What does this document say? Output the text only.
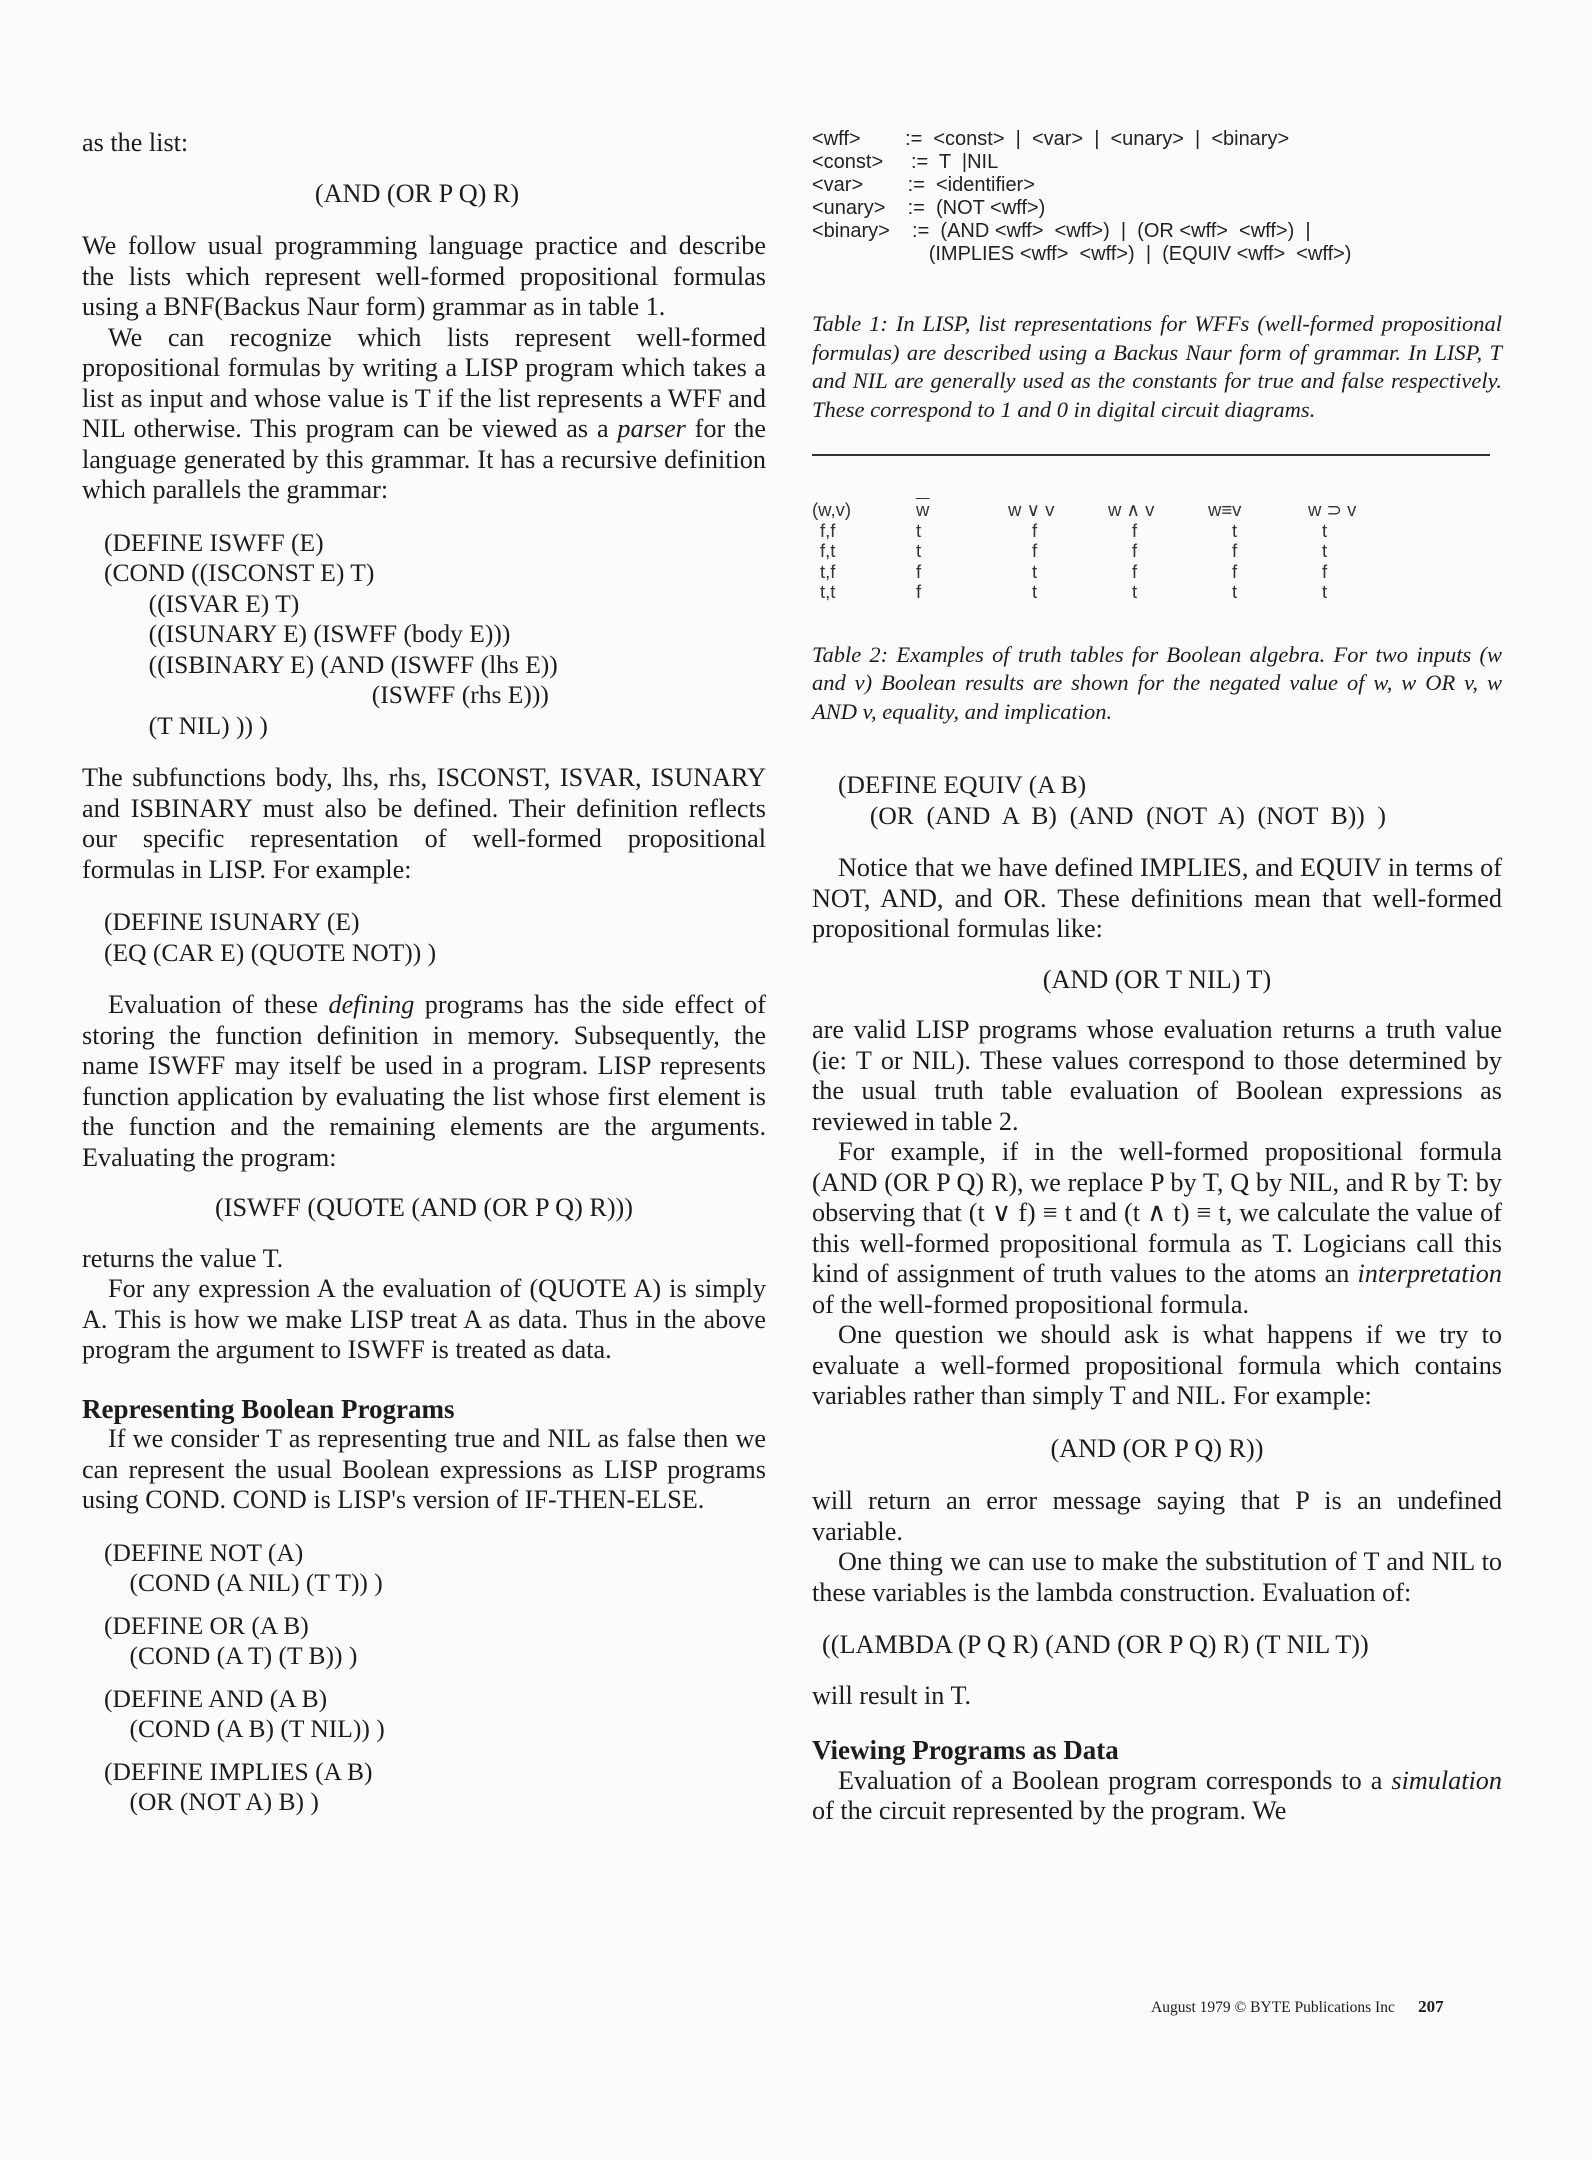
as the list:

(AND (OR P Q) R)

We follow usual programming language practice and describe the lists which represent well-formed propositional formulas using a BNF(Backus Naur form) grammar as in table 1.

We can recognize which lists represent well-formed propositional formulas by writing a LISP program which takes a list as input and whose value is T if the list represents a WFF and NIL otherwise. This program can be viewed as a parser for the language generated by this grammar. It has a recursive definition which parallels the grammar:

(DEFINE ISWFF (E)
(COND ((ISCONST E) T)
((ISVAR E) T)
((ISUNARY E) (ISWFF (body E)))
((ISBINARY E) (AND (ISWFF (lhs E))
(ISWFF (rhs E)))
(T NIL) )) )

The subfunctions body, lhs, rhs, ISCONST, ISVAR, ISUNARY and ISBINARY must also be defined. Their definition reflects our specific representation of well-formed propositional formulas in LISP. For example:

(DEFINE ISUNARY (E)
(EQ (CAR E) (QUOTE NOT)) )

Evaluation of these defining programs has the side effect of storing the function definition in memory. Subsequently, the name ISWFF may itself be used in a program. LISP represents function application by evaluating the list whose first element is the function and the remaining elements are the arguments. Evaluating the program:

(ISWFF (QUOTE (AND (OR P Q) R)))

returns the value T.

For any expression A the evaluation of (QUOTE A) is simply A. This is how we make LISP treat A as data. Thus in the above program the argument to ISWFF is treated as data.

Representing Boolean Programs

If we consider T as representing true and NIL as false then we can represent the usual Boolean expressions as LISP programs using COND. COND is LISP's version of IF-THEN-ELSE.

(DEFINE NOT (A)
(COND (A NIL) (T T)) )

(DEFINE OR (A B)
(COND (A T) (T B)) )

(DEFINE AND (A B)
(COND (A B) (T NIL)) )

(DEFINE IMPLIES (A B)
(OR (NOT A) B) )

<wff>        :=  <const>  |  <var>  |  <unary>  |  <binary>
<const>     :=  T  |NIL
<var>        :=  <identifier>
<unary>    :=  (NOT <wff>)
<binary>    :=  (AND <wff>  <wff>)  |  (OR <wff>  <wff>)  |
(IMPLIES <wff>  <wff>)  |  (EQUIV <wff>  <wff>)

Table 1: In LISP, list representations for WFFs (well-formed propositional formulas) are described using a Backus Naur form of grammar. In LISP, T and NIL are generally used as the constants for true and false respectively. These correspond to 1 and 0 in digital circuit diagrams.

(w,v)	$\overline{w}$	w ∨ v	w ∧ v	w≡v	w ⊃ v
f,f	t	f	f	t	t
f,t	t	f	f	f	t
t,f	f	t	f	f	f
t,t	f	t	t	t	t

Table 2: Examples of truth tables for Boolean algebra. For two inputs (w and v) Boolean results are shown for the negated value of w, w OR v, w AND v, equality, and implication.

(DEFINE EQUIV (A B)
(OR  (AND  A  B)  (AND  (NOT  A)  (NOT  B))  )

Notice that we have defined IMPLIES, and EQUIV in terms of NOT, AND, and OR. These definitions mean that well-formed propositional formulas like:

(AND (OR T NIL) T)

are valid LISP programs whose evaluation returns a truth value (ie: T or NIL). These values correspond to those determined by the usual truth table evaluation of Boolean expressions as reviewed in table 2.

For example, if in the well-formed propositional formula (AND (OR P Q) R), we replace P by T, Q by NIL, and R by T: by observing that (t ∨ f) ≡ t and (t ∧ t) ≡ t, we calculate the value of this well-formed propositional formula as T. Logicians call this kind of assignment of truth values to the atoms an interpretation of the well-formed propositional formula.

One question we should ask is what happens if we try to evaluate a well-formed propositional formula which contains variables rather than simply T and NIL. For example:

(AND (OR P Q) R))

will return an error message saying that P is an undefined variable.

One thing we can use to make the substitution of T and NIL to these variables is the lambda construction. Evaluation of:

((LAMBDA (P Q R) (AND (OR P Q) R) (T NIL T))

will result in T.

Viewing Programs as Data

Evaluation of a Boolean program corresponds to a simulation of the circuit represented by the program. We

August 1979 © BYTE Publications Inc 207
